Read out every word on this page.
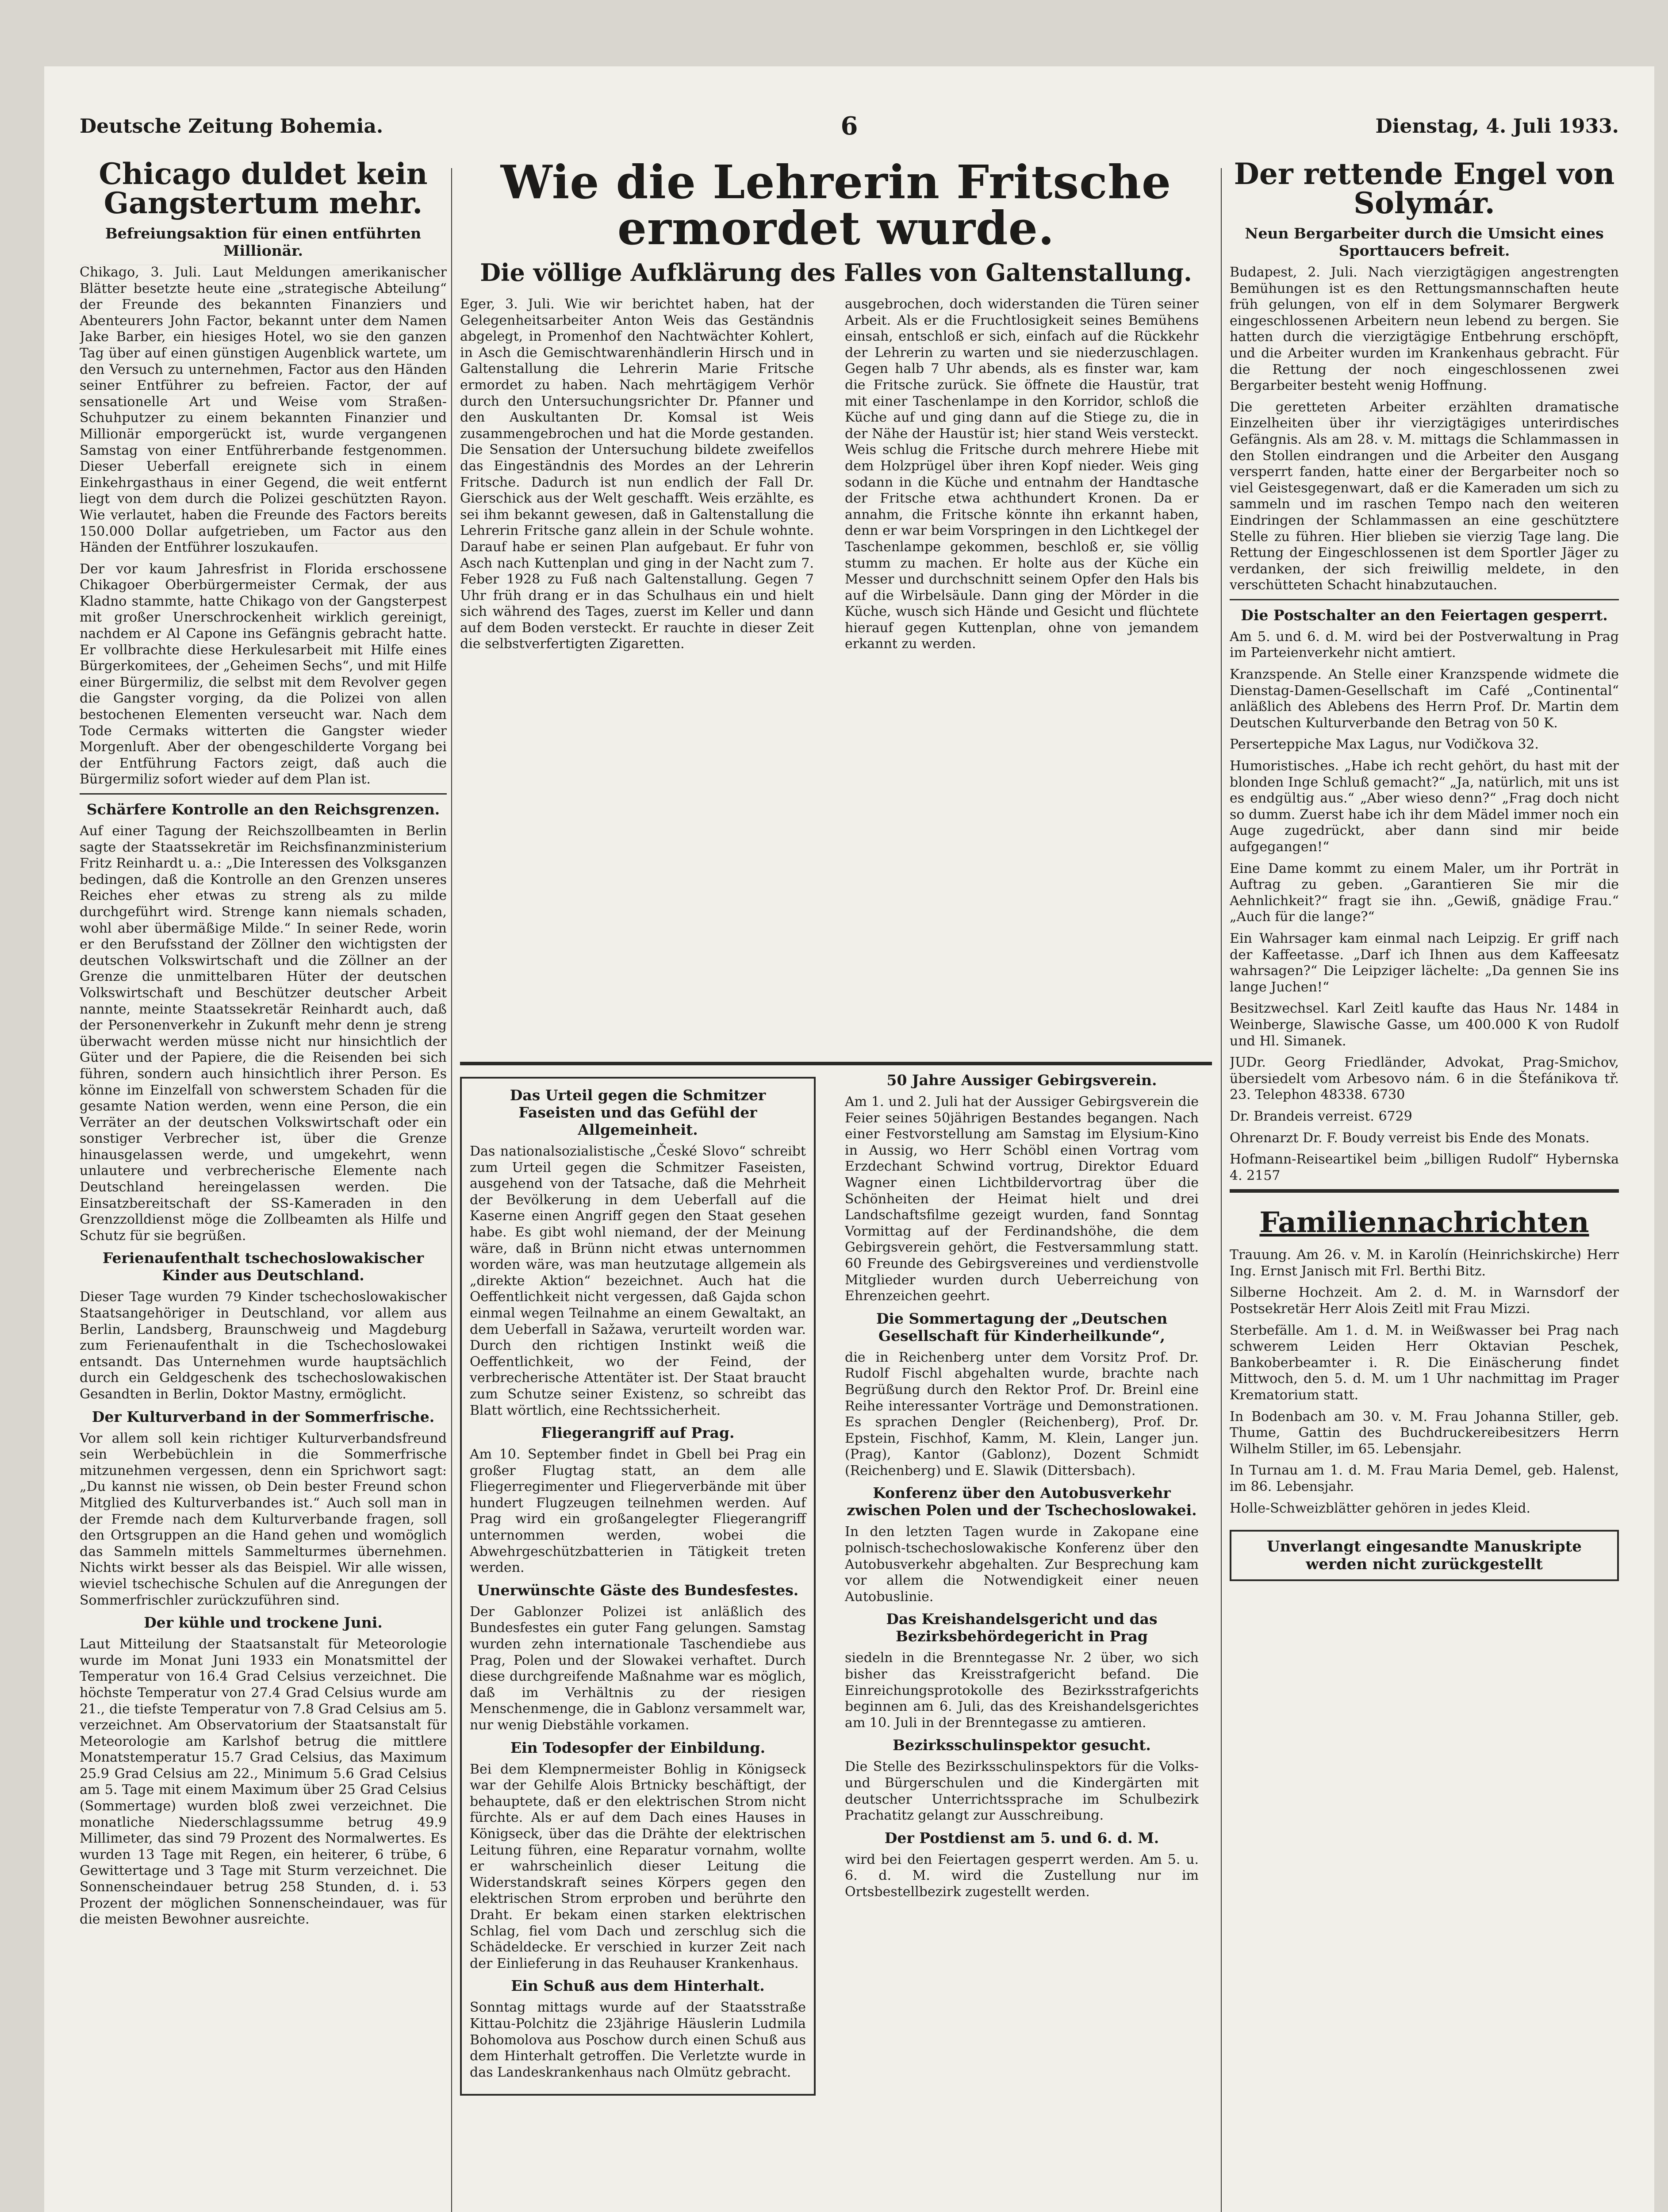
Deutsche Zeitung Bohemia.	6	Dienstag, 4. Juli 1933.
Chicago duldet kein Gangstertum mehr.
Befreiungsaktion für einen entführten Millionär.

Chikago, 3. Juli. Laut Meldungen amerikanischer Blätter besetzte heute eine „strategische Abteilung“ der Freunde des bekannten Finanziers und Abenteurers John Factor, bekannt unter dem Namen Jake Barber, ein hiesiges Hotel, wo sie den ganzen Tag über auf einen günstigen Augenblick wartete, um den Versuch zu unternehmen, Factor aus den Händen seiner Entführer zu befreien. Factor, der auf sensationelle Art und Weise vom Straßen-Schuhputzer zu einem bekannten Finanzier und Millionär emporgerückt ist, wurde vergangenen Samstag von einer Entführerbande festgenommen. Dieser Ueberfall ereignete sich in einem Einkehrgasthaus in einer Gegend, die weit entfernt liegt von dem durch die Polizei geschützten Rayon. Wie verlautet, haben die Freunde des Factors bereits 150.000 Dollar aufgetrieben, um Factor aus den Händen der Entführer loszukaufen.

Der vor kaum Jahresfrist in Florida erschossene Chikagoer Oberbürgermeister Cermak, der aus Kladno stammte, hatte Chikago von der Gangsterpest mit großer Unerschrockenheit wirklich gereinigt, nachdem er Al Capone ins Gefängnis gebracht hatte. Er vollbrachte diese Herkulesarbeit mit Hilfe eines Bürgerkomitees, der „Geheimen Sechs“, und mit Hilfe einer Bürgermiliz, die selbst mit dem Revolver gegen die Gangster vorging, da die Polizei von allen bestochenen Elementen verseucht war. Nach dem Tode Cermaks witterten die Gangster wieder Morgenluft. Aber der obengeschilderte Vorgang bei der Entführung Factors zeigt, daß auch die Bürgermiliz sofort wieder auf dem Plan ist.

Schärfere Kontrolle an den Reichsgrenzen.

Auf einer Tagung der Reichszollbeamten in Berlin sagte der Staatssekretär im Reichsfinanzministerium Fritz Reinhardt u. a.: „Die Interessen des Volksganzen bedingen, daß die Kontrolle an den Grenzen unseres Reiches eher etwas zu streng als zu milde durchgeführt wird. Strenge kann niemals schaden, wohl aber übermäßige Milde.“ In seiner Rede, worin er den Berufsstand der Zöllner den wichtigsten der deutschen Volkswirtschaft und die Zöllner an der Grenze die unmittelbaren Hüter der deutschen Volkswirtschaft und Beschützer deutscher Arbeit nannte, meinte Staatssekretär Reinhardt auch, daß der Personenverkehr in Zukunft mehr denn je streng überwacht werden müsse nicht nur hinsichtlich der Güter und der Papiere, die die Reisenden bei sich führen, sondern auch hinsichtlich ihrer Person. Es könne im Einzelfall von schwerstem Schaden für die gesamte Nation werden, wenn eine Person, die ein Verräter an der deutschen Volkswirtschaft oder ein sonstiger Verbrecher ist, über die Grenze hinausgelassen werde, und umgekehrt, wenn unlautere und verbrecherische Elemente nach Deutschland hereingelassen werden. Die Einsatzbereitschaft der SS-Kameraden in den Grenzzolldienst möge die Zollbeamten als Hilfe und Schutz für sie begrüßen.

Ferienaufenthalt tschechoslowakischer Kinder aus Deutschland.

Dieser Tage wurden 79 Kinder tschechoslowakischer Staatsangehöriger in Deutschland, vor allem aus Berlin, Landsberg, Braunschweig und Magdeburg zum Ferienaufenthalt in die Tschechoslowakei entsandt. Das Unternehmen wurde hauptsächlich durch ein Geldgeschenk des tschechoslowakischen Gesandten in Berlin, Doktor Mastny, ermöglicht.

Der Kulturverband in der Sommerfrische.

Vor allem soll kein richtiger Kulturverbandsfreund sein Werbebüchlein in die Sommerfrische mitzunehmen vergessen, denn ein Sprichwort sagt: „Du kannst nie wissen, ob Dein bester Freund schon Mitglied des Kulturverbandes ist.“ Auch soll man in der Fremde nach dem Kulturverbande fragen, soll den Ortsgruppen an die Hand gehen und womöglich das Sammeln mittels Sammelturmes übernehmen. Nichts wirkt besser als das Beispiel. Wir alle wissen, wieviel tschechische Schulen auf die Anregungen der Sommerfrischler zurückzuführen sind.

Der kühle und trockene Juni.

Laut Mitteilung der Staatsanstalt für Meteorologie wurde im Monat Juni 1933 ein Monatsmittel der Temperatur von 16.4 Grad Celsius verzeichnet. Die höchste Temperatur von 27.4 Grad Celsius wurde am 21., die tiefste Temperatur von 7.8 Grad Celsius am 5. verzeichnet. Am Observatorium der Staatsanstalt für Meteorologie am Karlshof betrug die mittlere Monatstemperatur 15.7 Grad Celsius, das Maximum 25.9 Grad Celsius am 22., Minimum 5.6 Grad Celsius am 5. Tage mit einem Maximum über 25 Grad Celsius (Sommertage) wurden bloß zwei verzeichnet. Die monatliche Niederschlagssumme betrug 49.9 Millimeter, das sind 79 Prozent des Normalwertes. Es wurden 13 Tage mit Regen, ein heiterer, 6 trübe, 6 Gewittertage und 3 Tage mit Sturm verzeichnet. Die Sonnenscheindauer betrug 258 Stunden, d. i. 53 Prozent der möglichen Sonnenscheindauer, was für die meisten Bewohner ausreichte.

Wie die Lehrerin Fritsche ermordet wurde.
Die völlige Aufklärung des Falles von Galtenstallung.

Eger, 3. Juli. Wie wir berichtet haben, hat der Gelegenheitsarbeiter Anton Weis das Geständnis abgelegt, in Promenhof den Nachtwächter Kohlert, in Asch die Gemischtwarenhändlerin Hirsch und in Galtenstallung die Lehrerin Marie Fritsche ermordet zu haben. Nach mehrtägigem Verhör durch den Untersuchungsrichter Dr. Pfanner und den Auskultanten Dr. Komsal ist Weis zusammengebrochen und hat die Morde gestanden. Die Sensation der Untersuchung bildete zweifellos das Eingeständnis des Mordes an der Lehrerin Fritsche. Dadurch ist nun endlich der Fall Dr. Gierschick aus der Welt geschafft. Weis erzählte, es sei ihm bekannt gewesen, daß in Galtenstallung die Lehrerin Fritsche ganz allein in der Schule wohnte. Darauf habe er seinen Plan aufgebaut. Er fuhr von Asch nach Kuttenplan und ging in der Nacht zum 7. Feber 1928 zu Fuß nach Galtenstallung. Gegen 7 Uhr früh drang er in das Schulhaus ein und hielt sich während des Tages, zuerst im Keller und dann auf dem Boden versteckt. Er rauchte in dieser Zeit die selbstverfertigten Zigaretten.

ausgebrochen, doch widerstanden die Türen seiner Arbeit. Als er die Fruchtlosigkeit seines Bemühens einsah, entschloß er sich, einfach auf die Rückkehr der Lehrerin zu warten und sie niederzuschlagen. Gegen halb 7 Uhr abends, als es finster war, kam die Fritsche zurück. Sie öffnete die Haustür, trat mit einer Taschenlampe in den Korridor, schloß die Küche auf und ging dann auf die Stiege zu, die in der Nähe der Haustür ist; hier stand Weis versteckt. Weis schlug die Fritsche durch mehrere Hiebe mit dem Holzprügel über ihren Kopf nieder. Weis ging sodann in die Küche und entnahm der Handtasche der Fritsche etwa achthundert Kronen. Da er annahm, die Fritsche könnte ihn erkannt haben, denn er war beim Vorspringen in den Lichtkegel der Taschenlampe gekommen, beschloß er, sie völlig stumm zu machen. Er holte aus der Küche ein Messer und durchschnitt seinem Opfer den Hals bis auf die Wirbelsäule. Dann ging der Mörder in die Küche, wusch sich Hände und Gesicht und flüchtete hierauf gegen Kuttenplan, ohne von jemandem erkannt zu werden.

Das Urteil gegen die Schmitzer Faseisten und das Gefühl der Allgemeinheit.

Das nationalsozialistische „České Slovo“ schreibt zum Urteil gegen die Schmitzer Faseisten, ausgehend von der Tatsache, daß die Mehrheit der Bevölkerung in dem Ueberfall auf die Kaserne einen Angriff gegen den Staat gesehen habe. Es gibt wohl niemand, der der Meinung wäre, daß in Brünn nicht etwas unternommen worden wäre, was man heutzutage allgemein als „direkte Aktion“ bezeichnet. Auch hat die Oeffentlichkeit nicht vergessen, daß Gajda schon einmal wegen Teilnahme an einem Gewaltakt, an dem Ueberfall in Sažawa, verurteilt worden war. Durch den richtigen Instinkt weiß die Oeffentlichkeit, wo der Feind, der verbrecherische Attentäter ist. Der Staat braucht zum Schutze seiner Existenz, so schreibt das Blatt wörtlich, eine Rechtssicherheit.

Fliegerangriff auf Prag.

Am 10. September findet in Gbell bei Prag ein großer Flugtag statt, an dem alle Fliegerregimenter und Fliegerverbände mit über hundert Flugzeugen teilnehmen werden. Auf Prag wird ein großangelegter Fliegerangriff unternommen werden, wobei die Abwehrgeschützbatterien in Tätigkeit treten werden.

Unerwünschte Gäste des Bundesfestes.

Der Gablonzer Polizei ist anläßlich des Bundesfestes ein guter Fang gelungen. Samstag wurden zehn internationale Taschendiebe aus Prag, Polen und der Slowakei verhaftet. Durch diese durchgreifende Maßnahme war es möglich, daß im Verhältnis zu der riesigen Menschenmenge, die in Gablonz versammelt war, nur wenig Diebstähle vorkamen.

Ein Todesopfer der Einbildung.

Bei dem Klempnermeister Bohlig in Königseck war der Gehilfe Alois Brtnicky beschäftigt, der behauptete, daß er den elektrischen Strom nicht fürchte. Als er auf dem Dach eines Hauses in Königseck, über das die Drähte der elektrischen Leitung führen, eine Reparatur vornahm, wollte er wahrscheinlich dieser Leitung die Widerstandskraft seines Körpers gegen den elektrischen Strom erproben und berührte den Draht. Er bekam einen starken elektrischen Schlag, fiel vom Dach und zerschlug sich die Schädeldecke. Er verschied in kurzer Zeit nach der Einlieferung in das Reuhauser Krankenhaus.

Ein Schuß aus dem Hinterhalt.

Sonntag mittags wurde auf der Staatsstraße Kittau-Polchitz die 23jährige Häuslerin Ludmila Bohomolova aus Poschow durch einen Schuß aus dem Hinterhalt getroffen. Die Verletzte wurde in das Landeskrankenhaus nach Olmütz gebracht.

50 Jahre Aussiger Gebirgsverein.

Am 1. und 2. Juli hat der Aussiger Gebirgsverein die Feier seines 50jährigen Bestandes begangen. Nach einer Festvorstellung am Samstag im Elysium-Kino in Aussig, wo Herr Schöbl einen Vortrag vom Erzdechant Schwind vortrug, Direktor Eduard Wagner einen Lichtbildervortrag über die Schönheiten der Heimat hielt und drei Landschaftsfilme gezeigt wurden, fand Sonntag Vormittag auf der Ferdinandshöhe, die dem Gebirgsverein gehört, die Festversammlung statt. 60 Freunde des Gebirgsvereines und verdienstvolle Mitglieder wurden durch Ueberreichung von Ehrenzeichen geehrt.

Die Sommertagung der „Deutschen Gesellschaft für Kinderheilkunde“,

die in Reichenberg unter dem Vorsitz Prof. Dr. Rudolf Fischl abgehalten wurde, brachte nach Begrüßung durch den Rektor Prof. Dr. Breinl eine Reihe interessanter Vorträge und Demonstrationen. Es sprachen Dengler (Reichenberg), Prof. Dr. Epstein, Fischhof, Kamm, M. Klein, Langer jun. (Prag), Kantor (Gablonz), Dozent Schmidt (Reichenberg) und E. Slawik (Dittersbach).

Konferenz über den Autobusverkehr zwischen Polen und der Tschechoslowakei.

In den letzten Tagen wurde in Zakopane eine polnisch-tschechoslowakische Konferenz über den Autobusverkehr abgehalten. Zur Besprechung kam vor allem die Notwendigkeit einer neuen Autobuslinie.

Das Kreishandelsgericht und das Bezirksbehördegericht in Prag

siedeln in die Brenntegasse Nr. 2 über, wo sich bisher das Kreisstrafgericht befand. Die Einreichungsprotokolle des Bezirksstrafgerichts beginnen am 6. Juli, das des Kreishandelsgerichtes am 10. Juli in der Brenntegasse zu amtieren.

Bezirksschulinspektor gesucht.

Die Stelle des Bezirksschulinspektors für die Volks- und Bürgerschulen und die Kindergärten mit deutscher Unterrichtssprache im Schulbezirk Prachatitz gelangt zur Ausschreibung.

Der Postdienst am 5. und 6. d. M.

wird bei den Feiertagen gesperrt werden. Am 5. u. 6. d. M. wird die Zustellung nur im Ortsbestellbezirk zugestellt werden.

Der rettende Engel von Solymár.
Neun Bergarbeiter durch die Umsicht eines Sporttaucers befreit.

Budapest, 2. Juli. Nach vierzigtägigen angestrengten Bemühungen ist es den Rettungsmannschaften heute früh gelungen, von elf in dem Solymarer Bergwerk eingeschlossenen Arbeitern neun lebend zu bergen. Sie hatten durch die vierzigtägige Entbehrung erschöpft, und die Arbeiter wurden im Krankenhaus gebracht. Für die Rettung der noch eingeschlossenen zwei Bergarbeiter besteht wenig Hoffnung.

Die geretteten Arbeiter erzählten dramatische Einzelheiten über ihr vierzigtägiges unterirdisches Gefängnis. Als am 28. v. M. mittags die Schlammassen in den Stollen eindrangen und die Arbeiter den Ausgang versperrt fanden, hatte einer der Bergarbeiter noch so viel Geistesgegenwart, daß er die Kameraden um sich zu sammeln und im raschen Tempo nach den weiteren Eindringen der Schlammassen an eine geschütztere Stelle zu führen. Hier blieben sie vierzig Tage lang. Die Rettung der Eingeschlossenen ist dem Sportler Jäger zu verdanken, der sich freiwillig meldete, in den verschütteten Schacht hinabzutauchen.

Die Postschalter an den Feiertagen gesperrt.

Am 5. und 6. d. M. wird bei der Postverwaltung in Prag im Parteienverkehr nicht amtiert.

Kranzspende. An Stelle einer Kranzspende widmete die Dienstag-Damen-Gesellschaft im Café „Continental“ anläßlich des Ablebens des Herrn Prof. Dr. Martin dem Deutschen Kulturverbande den Betrag von 50 K.

Perserteppiche Max Lagus, nur Vodičkova 32.

Humoristisches. „Habe ich recht gehört, du hast mit der blonden Inge Schluß gemacht?“ „Ja, natürlich, mit uns ist es endgültig aus.“ „Aber wieso denn?“ „Frag doch nicht so dumm. Zuerst habe ich ihr dem Mädel immer noch ein Auge zugedrückt, aber dann sind mir beide aufgegangen!“

Eine Dame kommt zu einem Maler, um ihr Porträt in Auftrag zu geben. „Garantieren Sie mir die Aehnlichkeit?“ fragt sie ihn. „Gewiß, gnädige Frau.“ „Auch für die lange?“

Ein Wahrsager kam einmal nach Leipzig. Er griff nach der Kaffeetasse. „Darf ich Ihnen aus dem Kaffeesatz wahrsagen?“ Die Leipziger lächelte: „Da gennen Sie ins lange Juchen!“

Besitzwechsel. Karl Zeitl kaufte das Haus Nr. 1484 in Weinberge, Slawische Gasse, um 400.000 K von Rudolf und Hl. Simanek.

JUDr. Georg Friedländer, Advokat, Prag-Smichov, übersiedelt vom Arbesovo nám. 6 in die Štefánikova tř. 23. Telephon 48338. 6730

Dr. Brandeis verreist. 6729

Ohrenarzt Dr. F. Boudy verreist bis Ende des Monats.

Hofmann-Reiseartikel beim „billigen Rudolf“ Hybernska 4. 2157

Familiennachrichten

Trauung. Am 26. v. M. in Karolín (Heinrichskirche) Herr Ing. Ernst Janisch mit Frl. Berthi Bitz.

Silberne Hochzeit. Am 2. d. M. in Warnsdorf der Postsekretär Herr Alois Zeitl mit Frau Mizzi.

Sterbefälle. Am 1. d. M. in Weißwasser bei Prag nach schwerem Leiden Herr Oktavian Peschek, Bankoberbeamter i. R. Die Einäscherung findet Mittwoch, den 5. d. M. um 1 Uhr nachmittag im Prager Krematorium statt.

In Bodenbach am 30. v. M. Frau Johanna Stiller, geb. Thume, Gattin des Buchdruckereibesitzers Herrn Wilhelm Stiller, im 65. Lebensjahr.

In Turnau am 1. d. M. Frau Maria Demel, geb. Halenst, im 86. Lebensjahr.

Holle-Schweizblätter gehören in jedes Kleid.

Unverlangt eingesandte Manuskripte werden nicht zurückgestellt
